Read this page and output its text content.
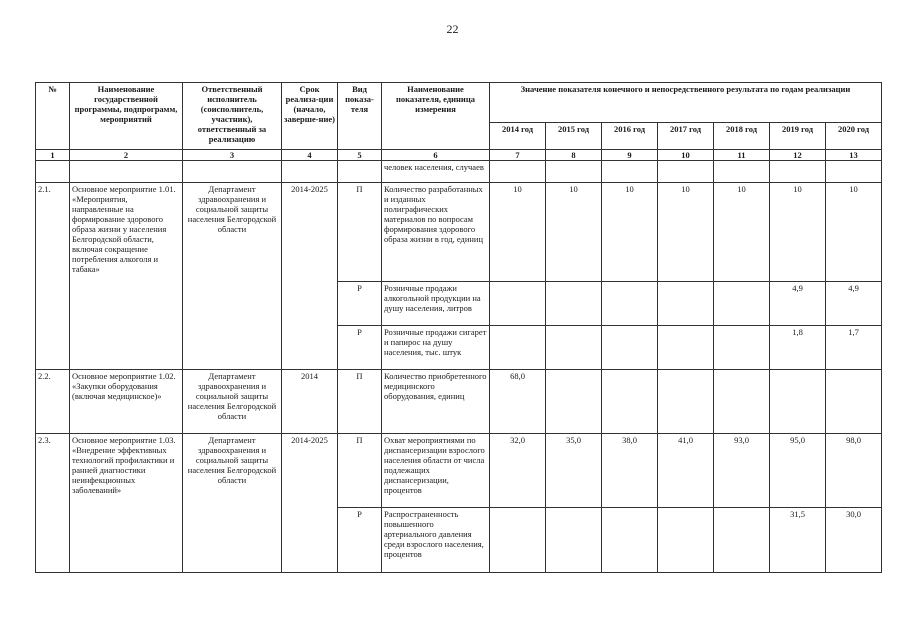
22
№	Наименование государственной программы, подпрограмм, мероприятий	Ответственный исполнитель (соисполнитель, участник), ответственный за реализацию	Срок реализа-ции (начало, заверше-ние)	Вид показа-теля	Наименование показателя, единица измерения	Значение показателя конечного и непосредственного результата по годам реализации						
						2014 год	2015 год	2016 год	2017 год	2018 год	2019 год	2020 год
1	2	3	4	5	6	7	8	9	10	11	12	13
					человек населения, случаев							
2.1.	Основное мероприятие 1.01. «Мероприятия, направленные на формирование здорового образа жизни у населения Белгородской области, включая сокращение потребления алкоголя и табака»	Департамент здравоохранения и социальной защиты населения Белгородской области	2014-2025	П	Количество разработанных и изданных полиграфических материалов по вопросам формирования здорового образа жизни в год, единиц	10	10	10	10	10	10	10
				Р	Розничные продажи алкогольной продукции на душу населения, литров						4,9	4,9
				Р	Розничные продажи сигарет и папирос на душу населения, тыс. штук						1,8	1,7
2.2.	Основное мероприятие 1.02. «Закупки оборудования (включая медицинское)»	Департамент здравоохранения и социальной защиты населения Белгородской области	2014	П	Количество приобретенного медицинского оборудования, единиц	68,0						
2.3.	Основное мероприятие 1.03. «Внедрение эффективных технологий профилактики и ранней диагностики неинфекционных заболеваний»	Департамент здравоохранения и социальной защиты населения Белгородской области	2014-2025	П	Охват мероприятиями по диспансеризации взрослого населения области от числа подлежащих диспансеризации, процентов	32,0	35,0	38,0	41,0	93,0	95,0	98,0
				Р	Распространенность повышенного артериального давления среди взрослого населения, процентов						31,5	30,0
